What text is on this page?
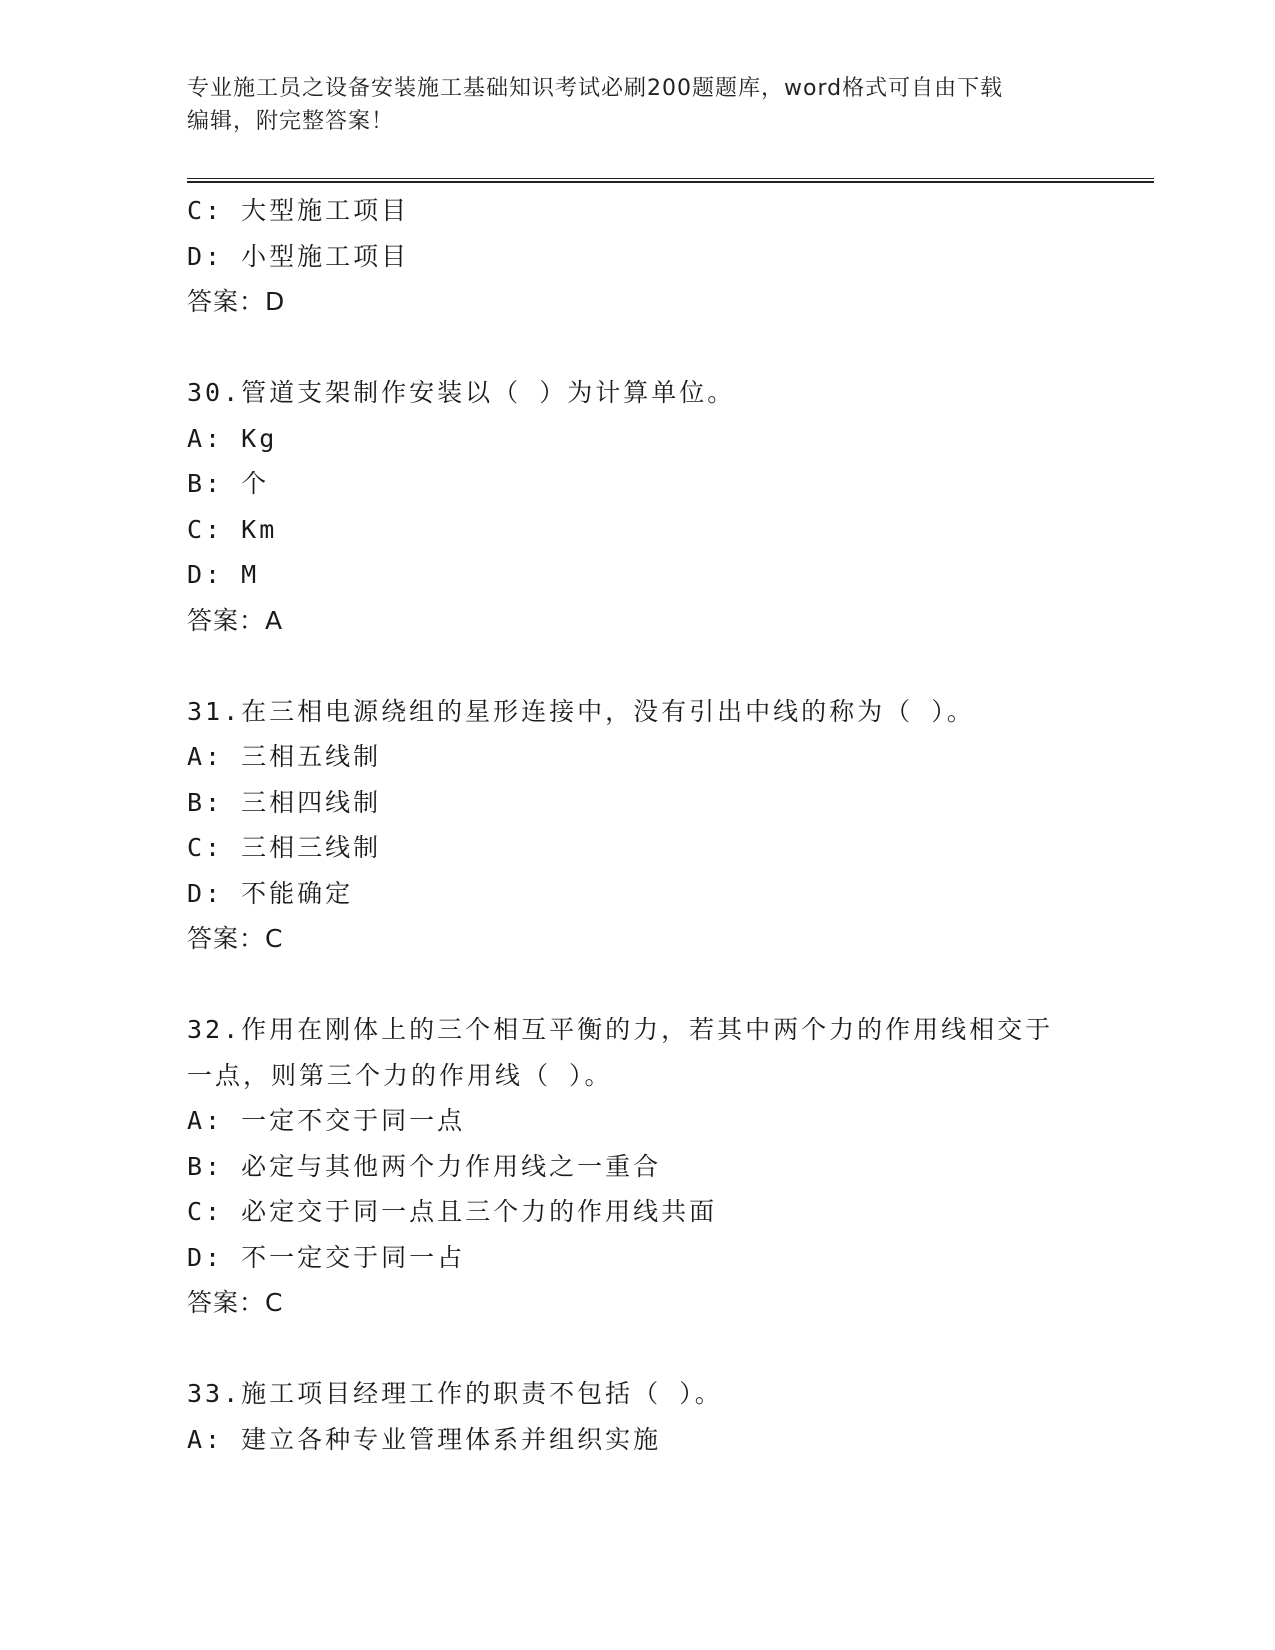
专业施工员之设备安装施工基础知识考试必刷200题题库，word格式可自由下载
编辑，附完整答案！
C: 大型施工项目
D: 小型施工项目
答案：D
30.管道支架制作安装以（ ）为计算单位。
A: Kg
B: 个
C: Km
D: M
答案：A
31.在三相电源绕组的星形连接中，没有引出中线的称为（ ）。
A: 三相五线制
B: 三相四线制
C: 三相三线制
D: 不能确定
答案：C
32.作用在刚体上的三个相互平衡的力，若其中两个力的作用线相交于
一点，则第三个力的作用线（ ）。
A: 一定不交于同一点
B: 必定与其他两个力作用线之一重合
C: 必定交于同一点且三个力的作用线共面
D: 不一定交于同一占
答案：C
33.施工项目经理工作的职责不包括（ ）。
A: 建立各种专业管理体系并组织实施
